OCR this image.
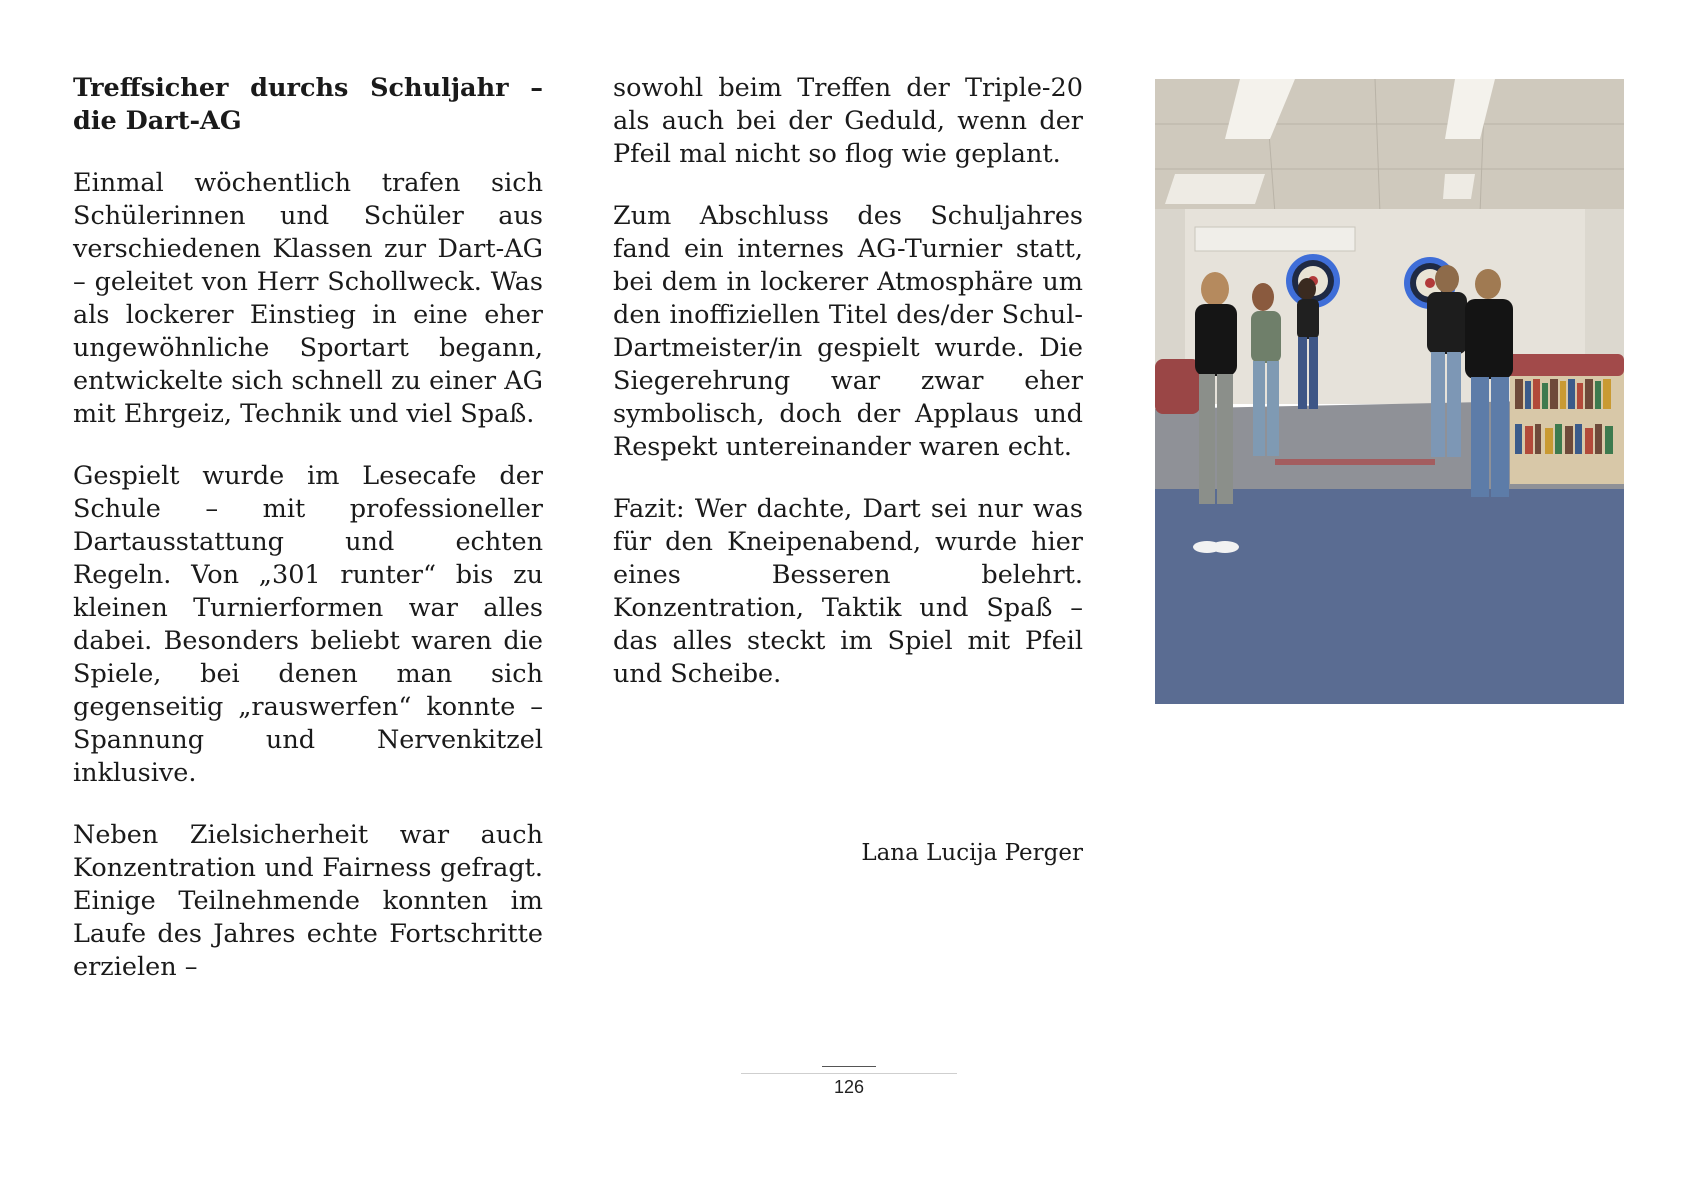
Treffsicher durchs Schuljahr – die Dart-AG

Einmal wöchentlich trafen sich Schülerinnen und Schüler aus verschiedenen Klassen zur Dart-AG – geleitet von Herr Schollweck. Was als lockerer Einstieg in eine eher ungewöhnliche Sportart begann, entwickelte sich schnell zu einer AG mit Ehrgeiz, Technik und viel Spaß.

Gespielt wurde im Lesecafe der Schule – mit professioneller Dartausstattung und echten Regeln. Von „301 runter“ bis zu kleinen Turnierformen war alles dabei. Besonders beliebt waren die Spiele, bei denen man sich gegenseitig „rauswerfen“ konnte – Spannung und Nervenkitzel inklusive.

Neben Zielsicherheit war auch Konzentration und Fairness gefragt. Einige Teilnehmende konnten im Laufe des Jahres echte Fortschritte erzielen –

sowohl beim Treffen der Triple-20 als auch bei der Geduld, wenn der Pfeil mal nicht so flog wie geplant.

Zum Abschluss des Schuljahres fand ein internes AG-Turnier statt, bei dem in lockerer Atmosphäre um den inoffiziellen Titel des/der Schul-Dartmeister/in gespielt wurde. Die Siegerehrung war zwar eher symbolisch, doch der Applaus und Respekt untereinander waren echt.

Fazit: Wer dachte, Dart sei nur was für den Kneipenabend, wurde hier eines Besseren belehrt. Konzentration, Taktik und Spaß – das alles steckt im Spiel mit Pfeil und Scheibe.

Lana Lucija Perger
126
